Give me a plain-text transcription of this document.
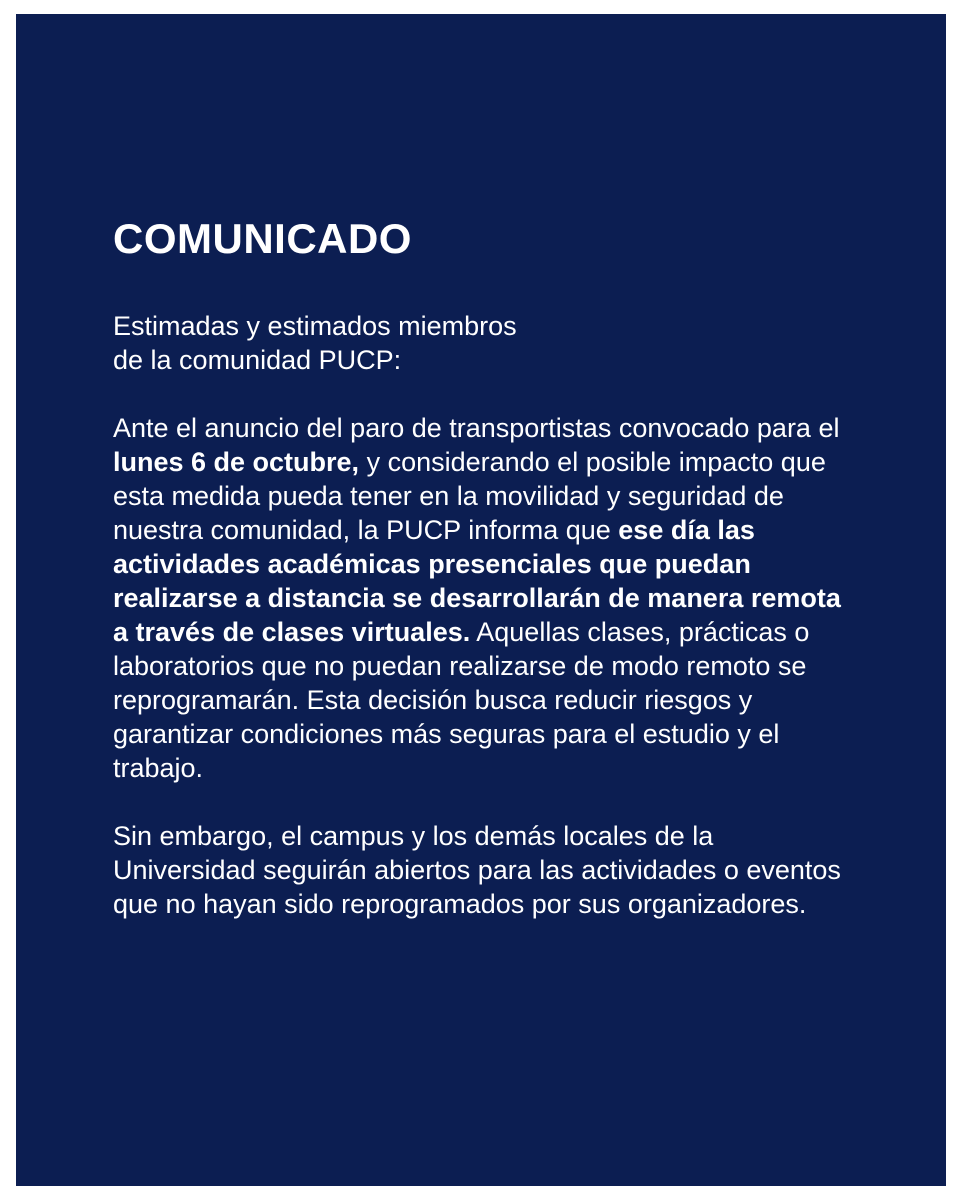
COMUNICADO

Estimadas y estimados miembros
de la comunidad PUCP:

Ante el anuncio del paro de transportistas convocado para el lunes 6 de octubre, y considerando el posible impacto que esta medida pueda tener en la movilidad y seguridad de nuestra comunidad, la PUCP informa que ese día las actividades académicas presenciales que puedan realizarse a distancia se desarrollarán de manera remota a través de clases virtuales. Aquellas clases, prácticas o laboratorios que no puedan realizarse de modo remoto se reprogramarán. Esta decisión busca reducir riesgos y garantizar condiciones más seguras para el estudio y el trabajo.

Sin embargo, el campus y los demás locales de la Universidad seguirán abiertos para las actividades o eventos que no hayan sido reprogramados por sus organizadores.
